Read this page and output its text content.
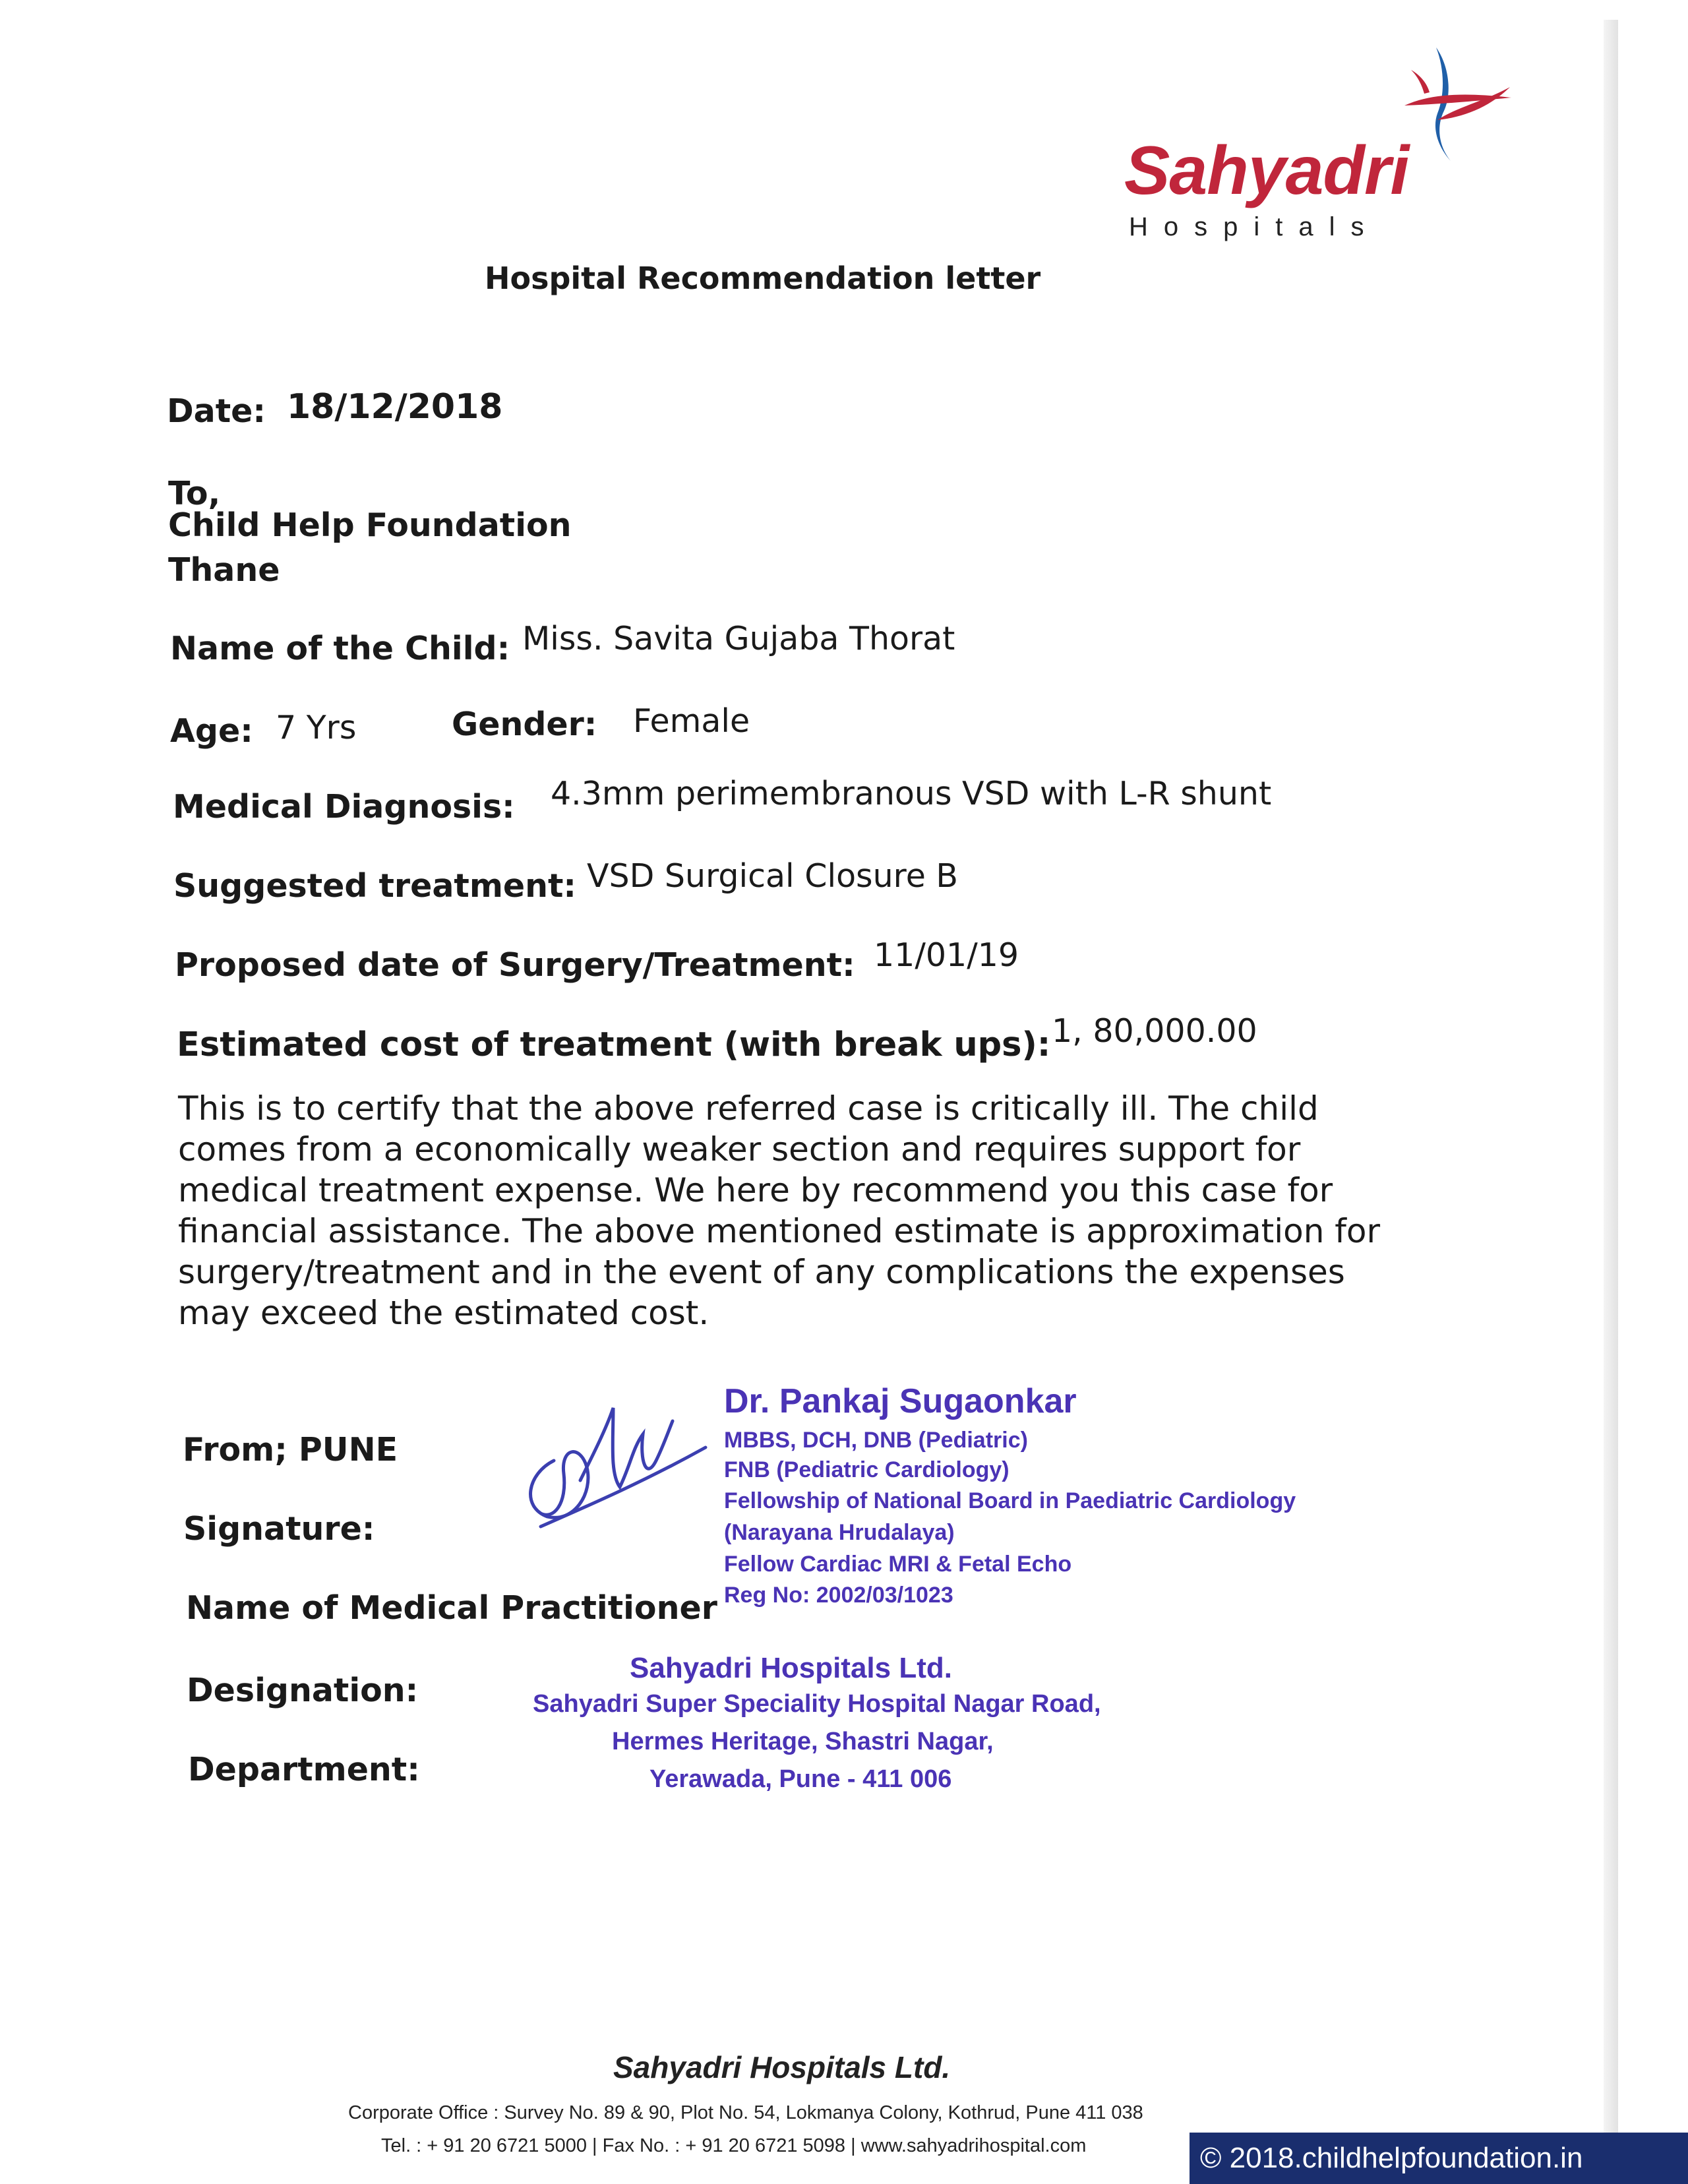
Sahyadri
Hospitals
Hospital Recommendation letter
Date: 18/12/2018
To,
Child Help Foundation
Thane
Name of the Child: Miss. Savita Gujaba Thorat
Age: 7 Yrs	Gender: Female
Medical Diagnosis: 4.3mm perimembranous VSD with L-R shunt
Suggested treatment: VSD Surgical Closure B
Proposed date of Surgery/Treatment: 11/01/19
Estimated cost of treatment (with break ups): 1, 80,000.00
This is to certify that the above referred case is critically ill. The child comes from a economically weaker section and requires support for medical treatment expense. We here by recommend you this case for financial assistance. The above mentioned estimate is approximation for surgery/treatment and in the event of any complications the expenses may exceed the estimated cost.
From; PUNE
Signature:
Name of Medical Practitioner
Designation:
Department:
Dr. Pankaj Sugaonkar
MBBS, DCH, DNB (Pediatric)
FNB (Pediatric Cardiology)
Fellowship of National Board in Paediatric Cardiology
(Narayana Hrudalaya)
Fellow Cardiac MRI & Fetal Echo
Reg No: 2002/03/1023
Sahyadri Hospitals Ltd.
Sahyadri Super Speciality Hospital Nagar Road,
Hermes Heritage, Shastri Nagar,
Yerawada, Pune - 411 006
Sahyadri Hospitals Ltd.
Corporate Office : Survey No. 89 & 90, Plot No. 54, Lokmanya Colony, Kothrud, Pune 411 038
Tel. : + 91 20 6721 5000 | Fax No. : + 91 20 6721 5098 | www.sahyadrihospital.com	© 2018.childhelpfoundation.in
